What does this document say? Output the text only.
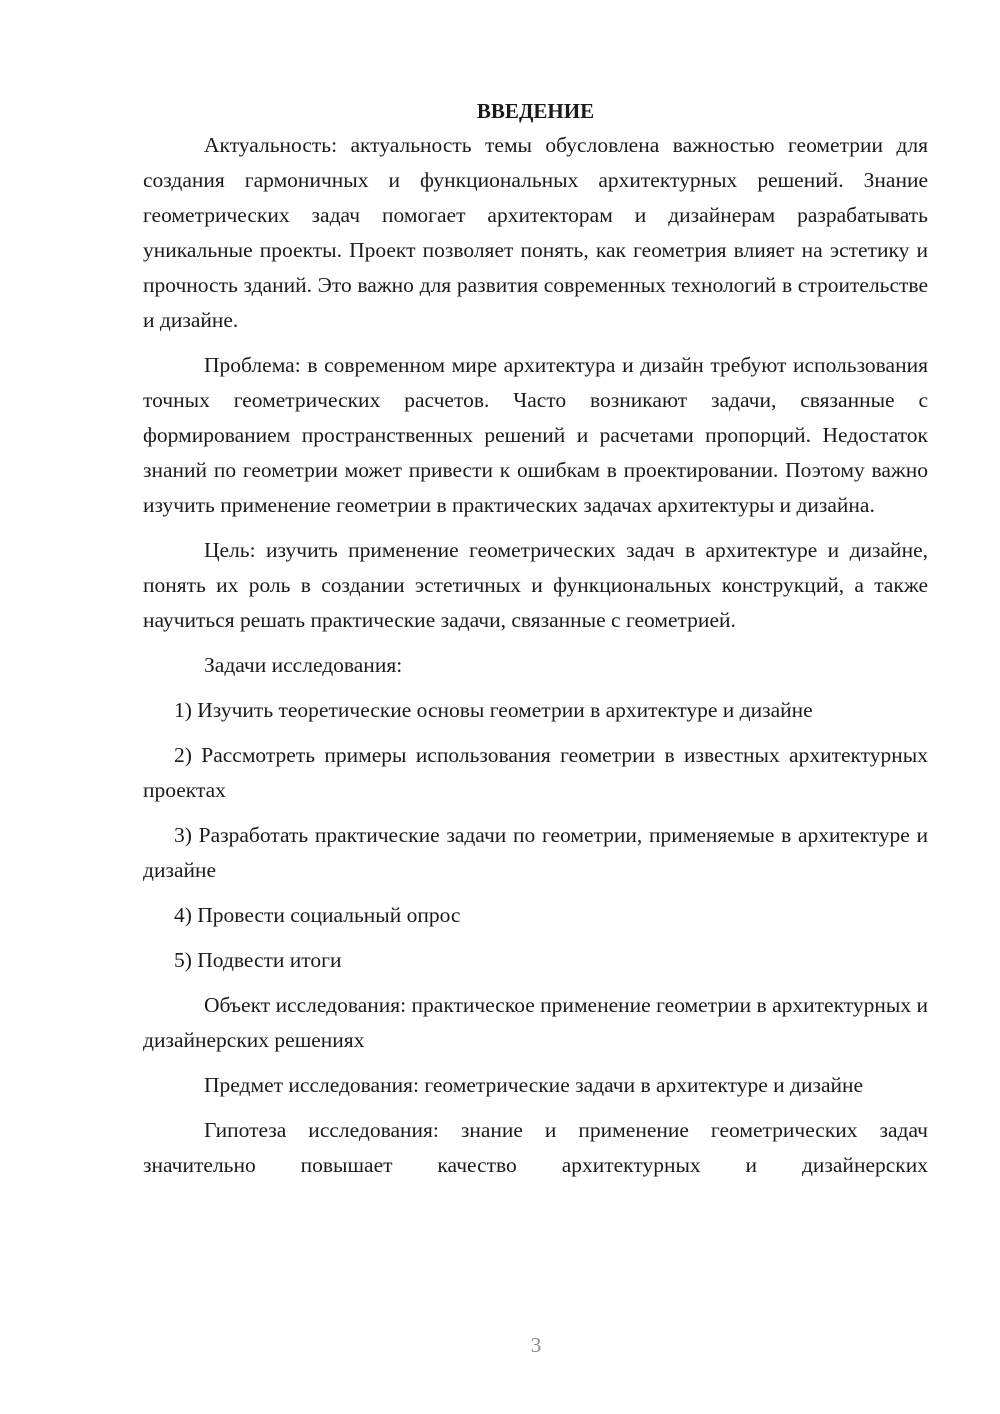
ВВЕДЕНИЕ

Актуальность: актуальность темы обусловлена важностью геометрии для создания гармоничных и функциональных архитектурных решений. Знание геометрических задач помогает архитекторам и дизайнерам разрабатывать уникальные проекты. Проект позволяет понять, как геометрия влияет на эстетику и прочность зданий. Это важно для развития современных технологий в строительстве и дизайне.

Проблема: в современном мире архитектура и дизайн требуют использования точных геометрических расчетов. Часто возникают задачи, связанные с формированием пространственных решений и расчетами пропорций. Недостаток знаний по геометрии может привести к ошибкам в проектировании. Поэтому важно изучить применение геометрии в практических задачах архитектуры и дизайна.

Цель: изучить применение геометрических задач в архитектуре и дизайне, понять их роль в создании эстетичных и функциональных конструкций, а также научиться решать практические задачи, связанные с геометрией.

Задачи исследования:

1) Изучить теоретические основы геометрии в архитектуре и дизайне

2) Рассмотреть примеры использования геометрии в известных архитектурных проектах

3) Разработать практические задачи по геометрии, применяемые в архитектуре и дизайне

4) Провести социальный опрос

5) Подвести итоги

Объект исследования: практическое применение геометрии в архитектурных и дизайнерских решениях

Предмет исследования: геометрические задачи в архитектуре и дизайне

Гипотеза исследования: знание и применение геометрических задач значительно повышает качество архитектурных и дизайнерских

3
